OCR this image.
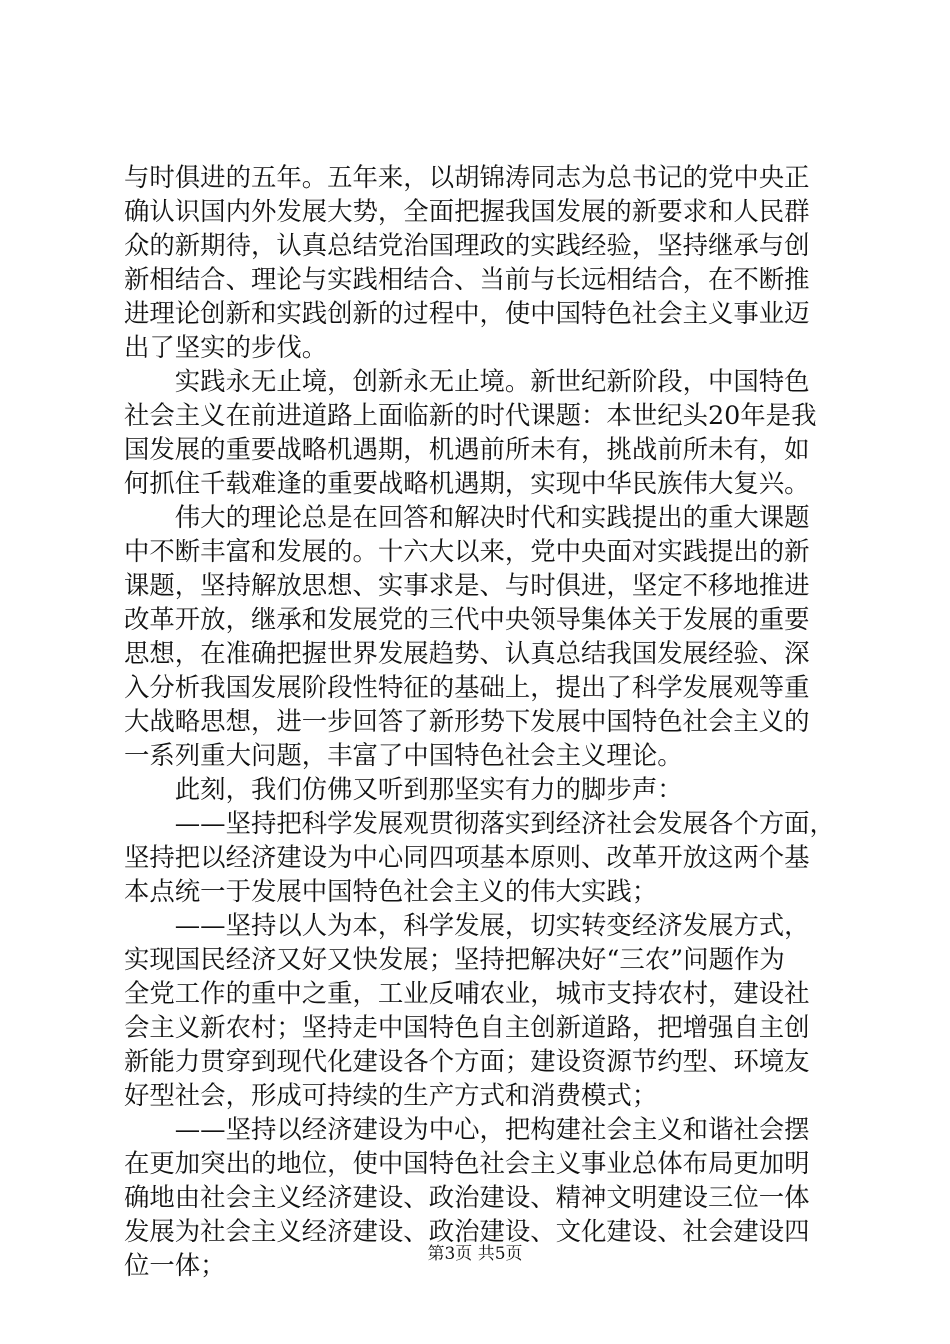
与时俱进的五年。五年来，以胡锦涛同志为总书记的党中央正
确认识国内外发展大势，全面把握我国发展的新要求和人民群
众的新期待，认真总结党治国理政的实践经验，坚持继承与创
新相结合、理论与实践相结合、当前与长远相结合，在不断推
进理论创新和实践创新的过程中，使中国特色社会主义事业迈
出了坚实的步伐。
　　实践永无止境，创新永无止境。新世纪新阶段，中国特色
社会主义在前进道路上面临新的时代课题：本世纪头20年是我
国发展的重要战略机遇期，机遇前所未有，挑战前所未有，如
何抓住千载难逢的重要战略机遇期，实现中华民族伟大复兴。
　　伟大的理论总是在回答和解决时代和实践提出的重大课题
中不断丰富和发展的。十六大以来，党中央面对实践提出的新
课题，坚持解放思想、实事求是、与时俱进，坚定不移地推进
改革开放，继承和发展党的三代中央领导集体关于发展的重要
思想，在准确把握世界发展趋势、认真总结我国发展经验、深
入分析我国发展阶段性特征的基础上，提出了科学发展观等重
大战略思想，进一步回答了新形势下发展中国特色社会主义的
一系列重大问题，丰富了中国特色社会主义理论。
　　此刻，我们仿佛又听到那坚实有力的脚步声：
　　——坚持把科学发展观贯彻落实到经济社会发展各个方面，
坚持把以经济建设为中心同四项基本原则、改革开放这两个基
本点统一于发展中国特色社会主义的伟大实践；
　　——坚持以人为本，科学发展，切实转变经济发展方式，
实现国民经济又好又快发展；坚持把解决好“三农”问题作为
全党工作的重中之重，工业反哺农业，城市支持农村，建设社
会主义新农村；坚持走中国特色自主创新道路，把增强自主创
新能力贯穿到现代化建设各个方面；建设资源节约型、环境友
好型社会，形成可持续的生产方式和消费模式；
　　——坚持以经济建设为中心，把构建社会主义和谐社会摆
在更加突出的地位，使中国特色社会主义事业总体布局更加明
确地由社会主义经济建设、政治建设、精神文明建设三位一体
发展为社会主义经济建设、政治建设、文化建设、社会建设四
位一体；	第3页 共5页
